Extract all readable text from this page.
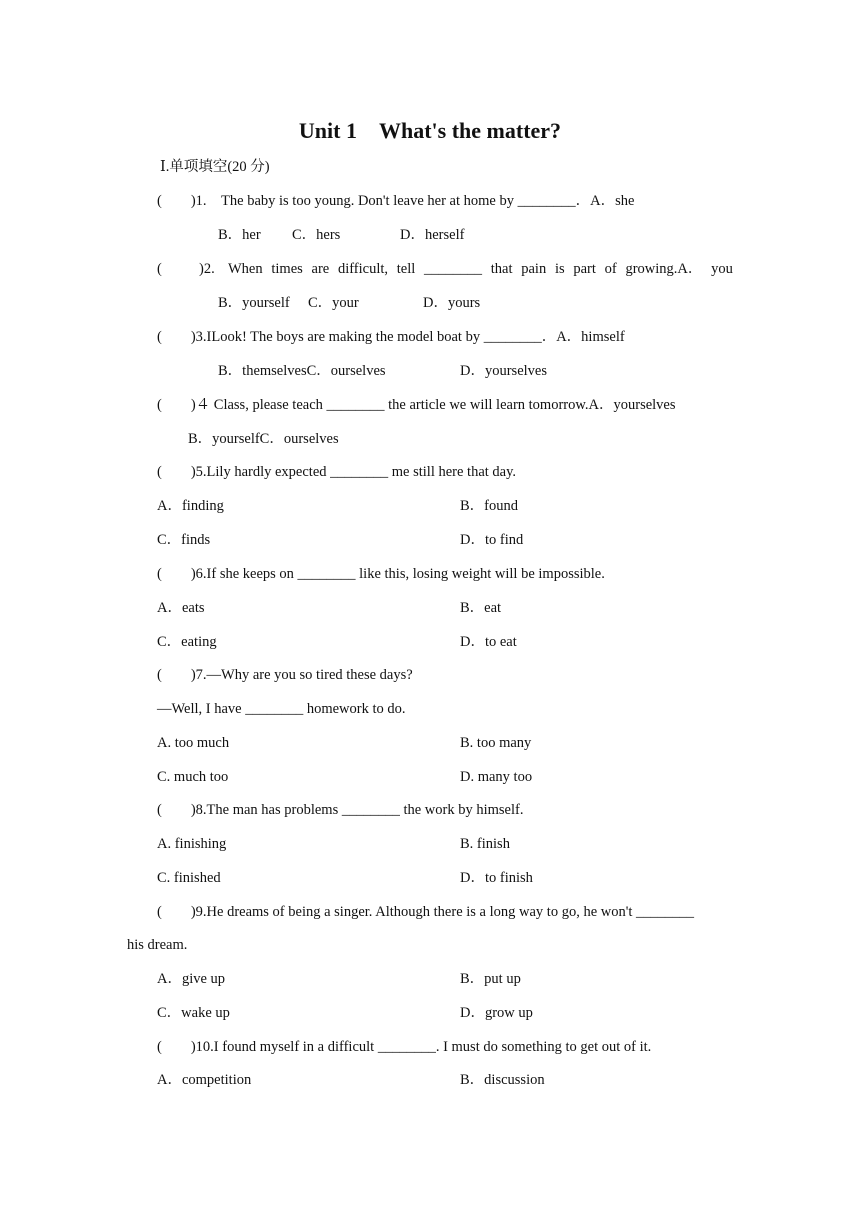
Unit 1　What's the matter?
Ⅰ.单项填空(20 分)
(　　)1.　The baby is too young. Don't leave her at home by ________．A．she
B．her C．hers	D．herself
(	)2. When times are difficult, tell ________ that pain is part of growing.A． you
B．yourself C．your	D．yours
(　　)3.ILook! The boys are making the model boat by ________．A．himself
B．themselvesC．ourselves	D．yourselves
(　　)４ Class, please teach ________ the article we will learn tomorrow.A．yourselves
B．yourselfC．ourselves
(　　)5.Lily hardly expected ________ me still here that day.
A．finding	B．found
C．finds	D．to find
(　　)6.If she keeps on ________ like this, losing weight will be impossible.
A．eats	B．eat
C．eating	D．to eat
(　　)7.—Why are you so tired these days?
—Well, I have ________ homework to do.
A. too much	B. too many
C. much too	D. many too
(　　)8.The man has problems ________ the work by himself.
A. finishing	B. finish
C. finished	D．to finish
(　　)9.He dreams of being a singer. Although there is a long way to go, he won't ________
his dream.
A．give up	B．put up
C．wake up	D．grow up
(　　)10.I found myself in a difficult ________. I must do something to get out of it.
A．competition	B．discussion
